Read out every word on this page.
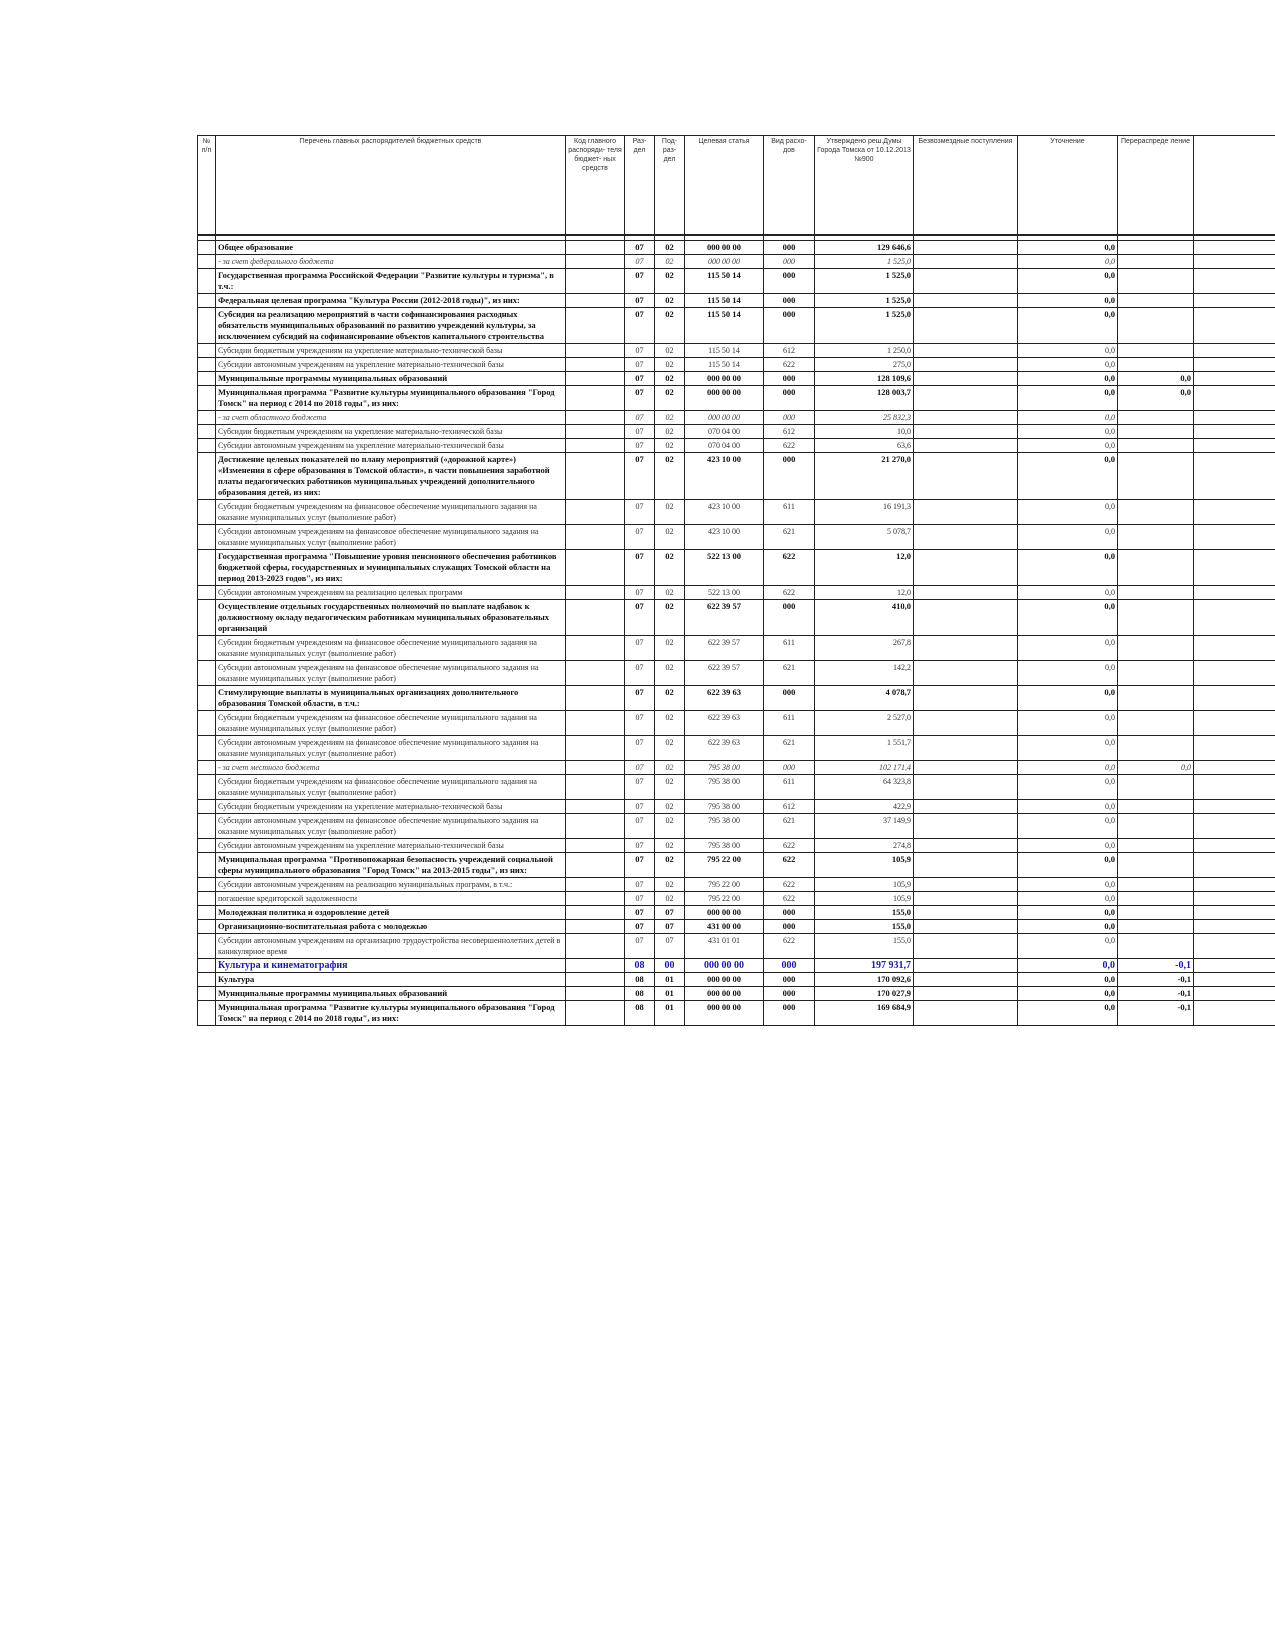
№ п/п	Перечень главных распорядителей бюджетных средств	Код главного распоряди- теля бюджет- ных средств	Раз- дел	Под- раз- дел	Целевая статья	Вид расхо- дов	Утверждено реш.Думы Города Томска от 10.12.2013 №900	Безвозмездные поступления	Уточнение	Перераспреде ление	

	Общее образование		07	02	000 00 00	000	129 646,6		0,0		
	- за счет федерального бюджета		07	02	000 00 00	000	1 525,0		0,0		
	Государственная программа Российской Федерации "Развитие культуры и туризма", в т.ч.:		07	02	115 50 14	000	1 525,0		0,0		
	Федеральная целевая программа "Культура России (2012-2018 годы)", из них:		07	02	115 50 14	000	1 525,0		0,0		
	Субсидия на реализацию мероприятий в части софинансирования расходных обязательств муниципальных образований по развитию учреждений культуры, за исключением субсидий на софинансирование объектов капитального строительства		07	02	115 50 14	000	1 525,0		0,0		
	Субсидии бюджетным учреждениям на укрепление материально-технической базы		07	02	115 50 14	612	1 250,0		0,0		
	Субсидии автономным учреждениям на укрепление материально-технической базы		07	02	115 50 14	622	275,0		0,0		
	Муниципальные программы муниципальных образований		07	02	000 00 00	000	128 109,6		0,0	0,0	
	Муниципальная программа "Развитие культуры муниципального образования "Город Томск" на период с 2014 по 2018 годы", из них:		07	02	000 00 00	000	128 003,7		0,0	0,0	
	- за счет областного бюджета		07	02	000 00 00	000	25 832,3		0,0		
	Субсидии бюджетным учреждениям на укрепление материально-технической базы		07	02	070 04 00	612	10,0		0,0		
	Субсидии автономным учреждениям на укрепление материально-технической базы		07	02	070 04 00	622	63,6		0,0		
	Достижение целевых показателей по плану мероприятий («дорожной карте») «Изменения в сфере образования в Томской области», в части повышения заработной платы педагогических работников муниципальных учреждений дополнительного образования детей, из них:		07	02	423 10 00	000	21 270,0		0,0		
	Субсидии бюджетным учреждениям на финансовое обеспечение муниципального задания на оказание муниципальных услуг (выполнение работ)		07	02	423 10 00	611	16 191,3		0,0		
	Субсидии автономным учреждениям на финансовое обеспечение муниципального задания на оказание муниципальных услуг (выполнение работ)		07	02	423 10 00	621	5 078,7		0,0		
	Государственная программа "Повышение уровня пенсионного обеспечения работников бюджетной сферы, государственных и муниципальных служащих Томской области на период 2013-2023 годов", из них:		07	02	522 13 00	622	12,0		0,0		
	Субсидии автономным учреждениям на реализацию целевых программ		07	02	522 13 00	622	12,0		0,0		
	Осуществление отдельных государственных полномочий по выплате надбавок к должностному окладу педагогическим работникам муниципальных образовательных организаций		07	02	622 39 57	000	410,0		0,0		
	Субсидии бюджетным учреждениям на финансовое обеспечение муниципального задания на оказание муниципальных услуг (выполнение работ)		07	02	622 39 57	611	267,8		0,0		
	Субсидии автономным учреждениям на финансовое обеспечение муниципального задания на оказание муниципальных услуг (выполнение работ)		07	02	622 39 57	621	142,2		0,0		
	Стимулирующие выплаты в муниципальных организациях дополнительного образования Томской области, в т.ч.:		07	02	622 39 63	000	4 078,7		0,0		
	Субсидии бюджетным учреждениям на финансовое обеспечение муниципального задания на оказание муниципальных услуг (выполнение работ)		07	02	622 39 63	611	2 527,0		0,0		
	Субсидии автономным учреждениям на финансовое обеспечение муниципального задания на оказание муниципальных услуг (выполнение работ)		07	02	622 39 63	621	1 551,7		0,0		
	- за счет местного бюджета		07	02	795 38 00	000	102 171,4		0,0	0,0	
	Субсидии бюджетным учреждениям на финансовое обеспечение муниципального задания на оказание муниципальных услуг (выполнение работ)		07	02	795 38 00	611	64 323,8		0,0		
	Субсидии бюджетным учреждениям на укрепление материально-технической базы		07	02	795 38 00	612	422,9		0,0		
	Субсидии автономным учреждениям на финансовое обеспечение муниципального задания на оказание муниципальных услуг (выполнение работ)		07	02	795 38 00	621	37 149,9		0,0		
	Субсидии автономным учреждениям на укрепление материально-технической базы		07	02	795 38 00	622	274,8		0,0		
	Муниципальная программа "Противопожарная безопасность учреждений социальной сферы муниципального образования "Город Томск" на 2013-2015 годы", из них:		07	02	795 22 00	622	105,9		0,0		
	Субсидии автономным учреждениям на реализацию муниципальных программ, в т.ч.:		07	02	795 22 00	622	105,9		0,0		
	погашение кредиторской задолженности		07	02	795 22 00	622	105,9		0,0		
	Молодежная политика и оздоровление детей		07	07	000 00 00	000	155,0		0,0		
	Организационно-воспитательная работа с молодежью		07	07	431 00 00	000	155,0		0,0		
	Субсидии автономным учреждениям на организацию трудоустройства несовершеннолетних детей в каникулярное время		07	07	431 01 01	622	155,0		0,0		
	Культура и кинематография		08	00	000 00 00	000	197 931,7		0,0	-0,1	
	Культура		08	01	000 00 00	000	170 092,6		0,0	-0,1	
	Муниципальные программы муниципальных образований		08	01	000 00 00	000	170 027,9		0,0	-0,1	
	Муниципальная программа "Развитие культуры муниципального образования "Город Томск" на период с 2014 по 2018 годы", из них:		08	01	000 00 00	000	169 684,9		0,0	-0,1	
